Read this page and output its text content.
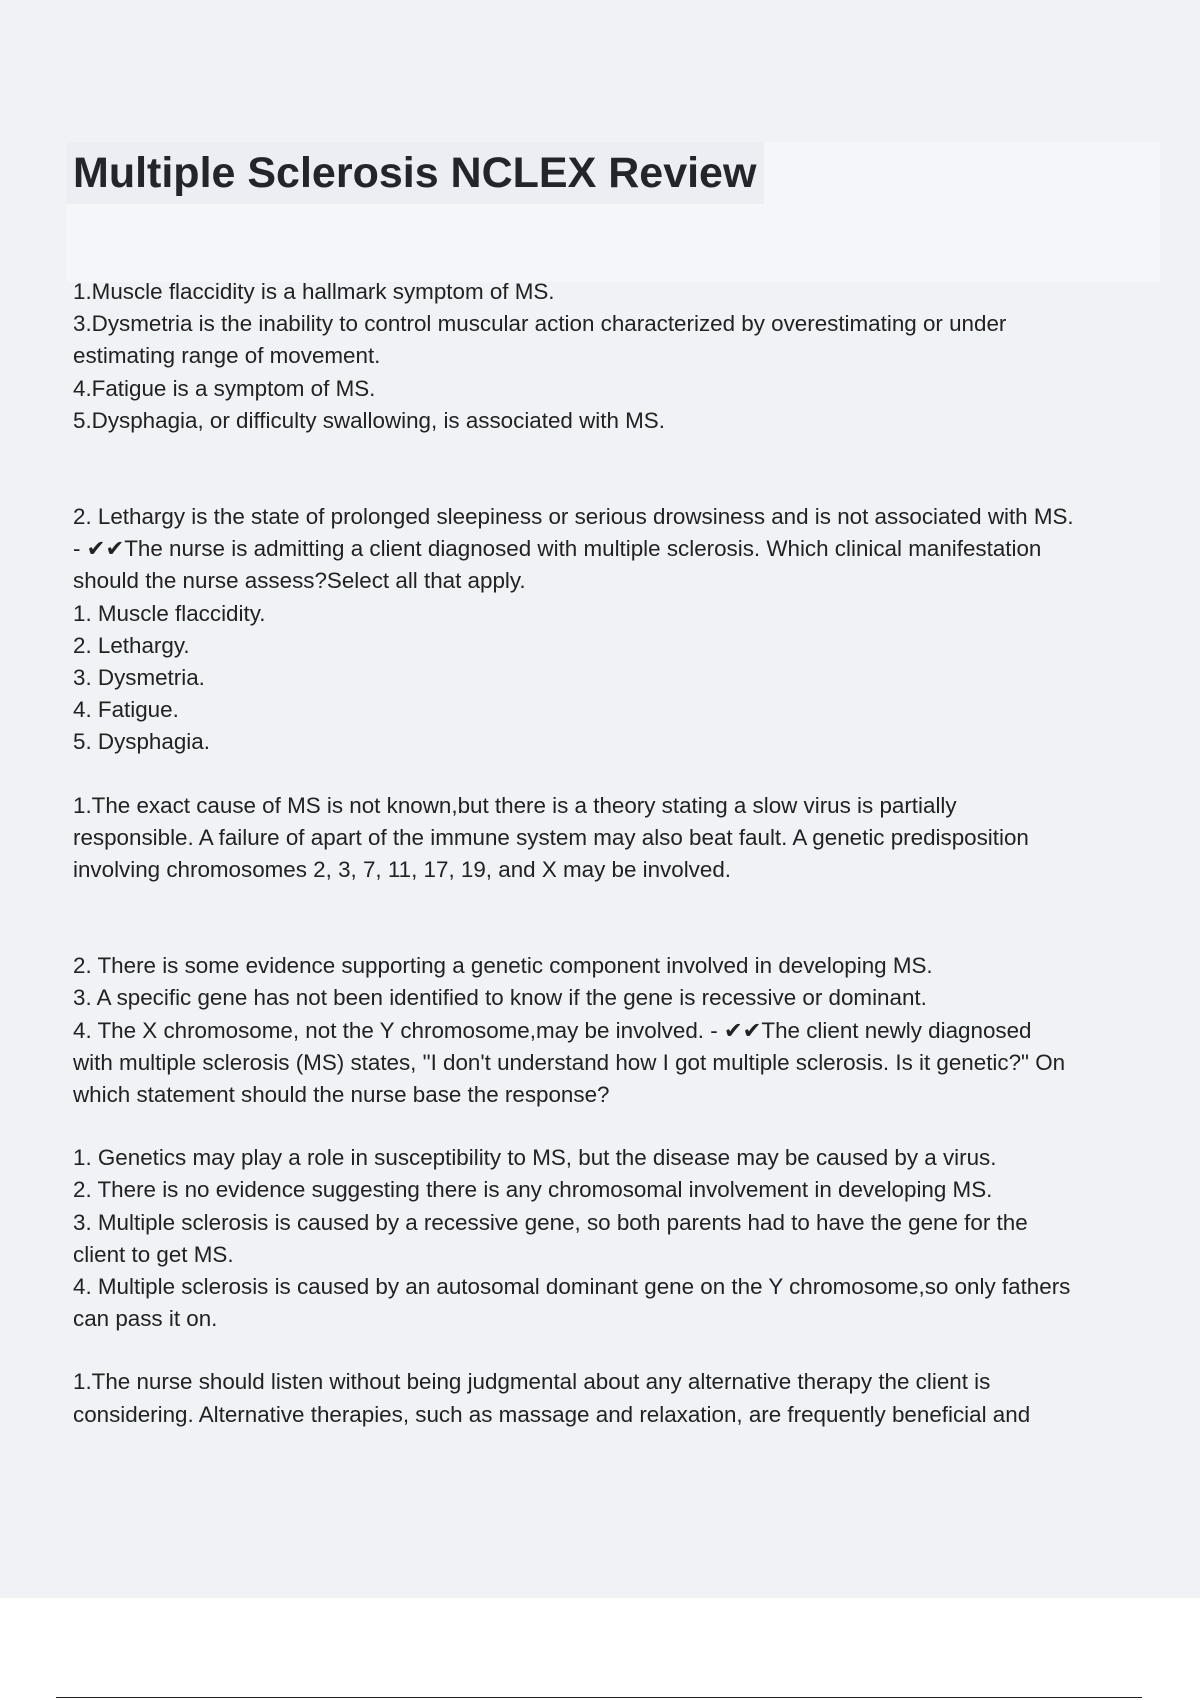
Multiple Sclerosis NCLEX Review

1.Muscle flaccidity is a hallmark symptom of MS.
3.Dysmetria is the inability to control muscular action characterized by overestimating or under
estimating range of movement.
4.Fatigue is a symptom of MS.
5.Dysphagia, or difficulty swallowing, is associated with MS.

2. Lethargy is the state of prolonged sleepiness or serious drowsiness and is not associated with MS.
- ✔✔The nurse is admitting a client diagnosed with multiple sclerosis. Which clinical manifestation
should the nurse assess?Select all that apply.
1. Muscle flaccidity.
2. Lethargy.
3. Dysmetria.
4. Fatigue.
5. Dysphagia.

1.The exact cause of MS is not known,but there is a theory stating a slow virus is partially
responsible. A failure of apart of the immune system may also beat fault. A genetic predisposition
involving chromosomes 2, 3, 7, 11, 17, 19, and X may be involved.

2. There is some evidence supporting a genetic component involved in developing MS.
3. A specific gene has not been identified to know if the gene is recessive or dominant.
4. The X chromosome, not the Y chromosome,may be involved. - ✔✔The client newly diagnosed
with multiple sclerosis (MS) states, "I don't understand how I got multiple sclerosis. Is it genetic?" On
which statement should the nurse base the response?

1. Genetics may play a role in susceptibility to MS, but the disease may be caused by a virus.
2. There is no evidence suggesting there is any chromosomal involvement in developing MS.
3. Multiple sclerosis is caused by a recessive gene, so both parents had to have the gene for the
client to get MS.
4. Multiple sclerosis is caused by an autosomal dominant gene on the Y chromosome,so only fathers
can pass it on.

1.The nurse should listen without being judgmental about any alternative therapy the client is
considering. Alternative therapies, such as massage and relaxation, are frequently beneficial and
